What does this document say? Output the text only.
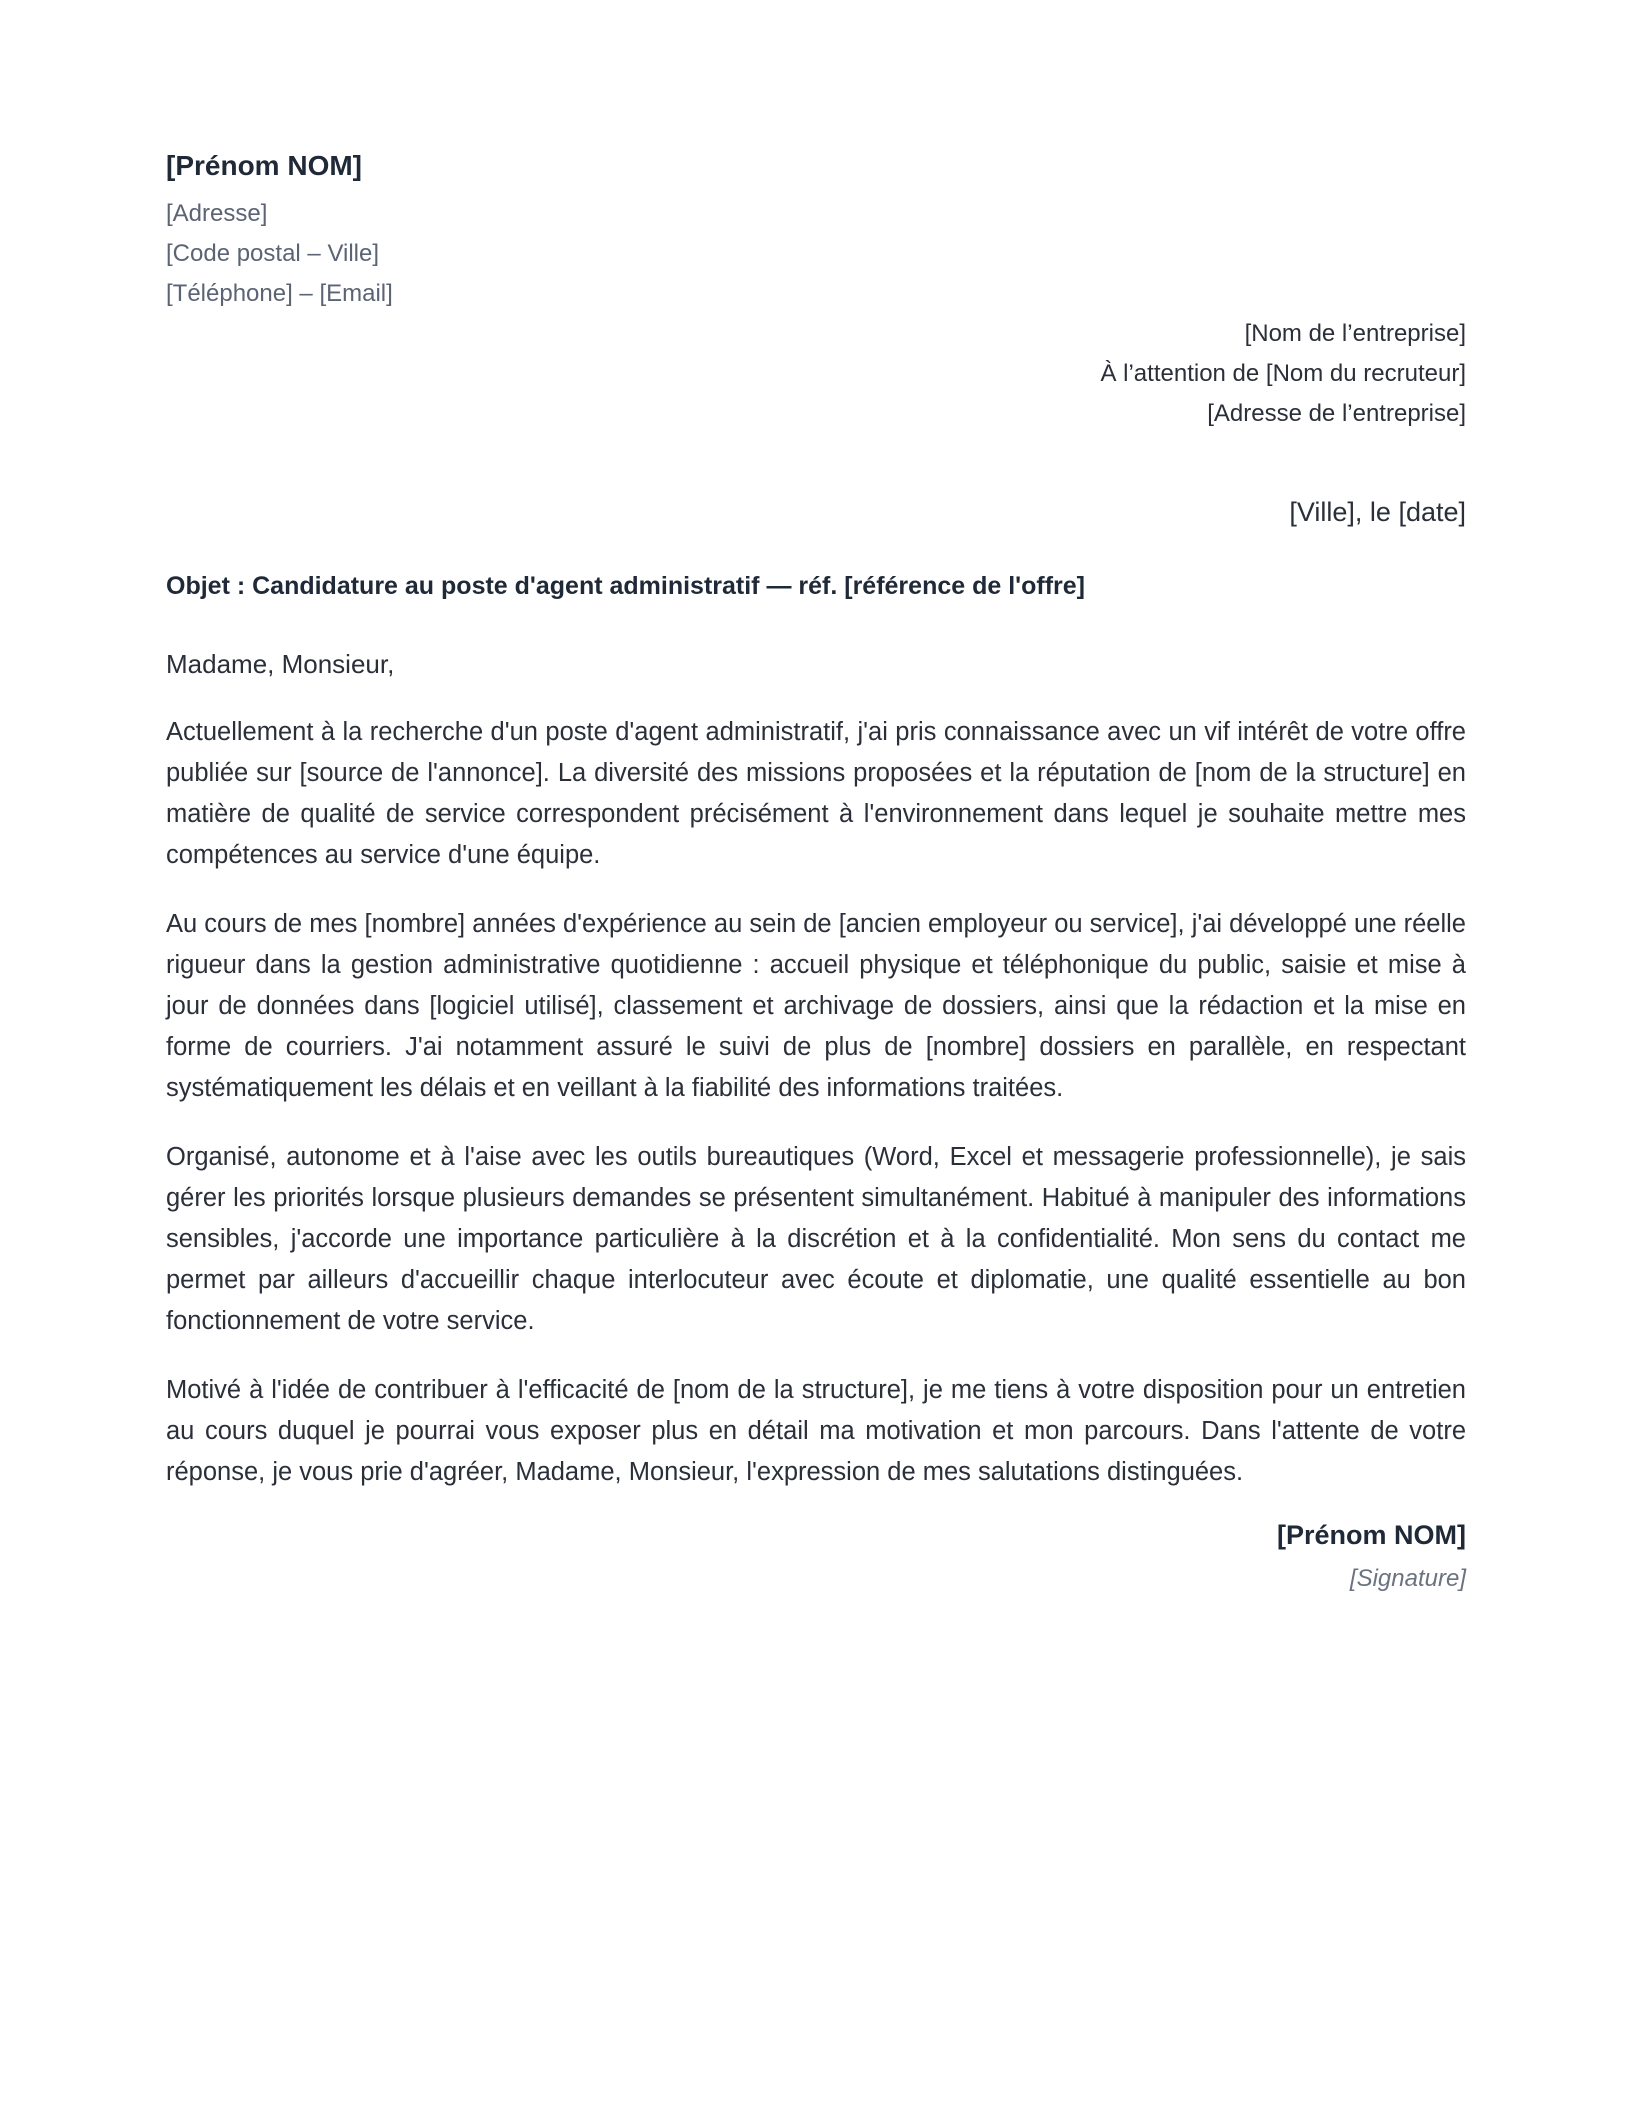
[Prénom NOM]

[Adresse]

[Code postal – Ville]

[Téléphone] – [Email]

[Nom de l’entreprise]

À l’attention de [Nom du recruteur]

[Adresse de l’entreprise]

[Ville], le [date]

Objet : Candidature au poste d'agent administratif — réf. [référence de l'offre]

Madame, Monsieur,

Actuellement à la recherche d'un poste d'agent administratif, j'ai pris connaissance avec un vif intérêt de votre offre publiée sur [source de l'annonce]. La diversité des missions proposées et la réputation de [nom de la structure] en matière de qualité de service correspondent précisément à l'environnement dans lequel je souhaite mettre mes compétences au service d'une équipe.

Au cours de mes [nombre] années d'expérience au sein de [ancien employeur ou service], j'ai développé une réelle rigueur dans la gestion administrative quotidienne : accueil physique et téléphonique du public, saisie et mise à jour de données dans [logiciel utilisé], classement et archivage de dossiers, ainsi que la rédaction et la mise en forme de courriers. J'ai notamment assuré le suivi de plus de [nombre] dossiers en parallèle, en respectant systématiquement les délais et en veillant à la fiabilité des informations traitées.

Organisé, autonome et à l'aise avec les outils bureautiques (Word, Excel et messagerie professionnelle), je sais gérer les priorités lorsque plusieurs demandes se présentent simultanément. Habitué à manipuler des informations sensibles, j'accorde une importance particulière à la discrétion et à la confidentialité. Mon sens du contact me permet par ailleurs d'accueillir chaque interlocuteur avec écoute et diplomatie, une qualité essentielle au bon fonctionnement de votre service.

Motivé à l'idée de contribuer à l'efficacité de [nom de la structure], je me tiens à votre disposition pour un entretien au cours duquel je pourrai vous exposer plus en détail ma motivation et mon parcours. Dans l'attente de votre réponse, je vous prie d'agréer, Madame, Monsieur, l'expression de mes salutations distinguées.

[Prénom NOM]

[Signature]
